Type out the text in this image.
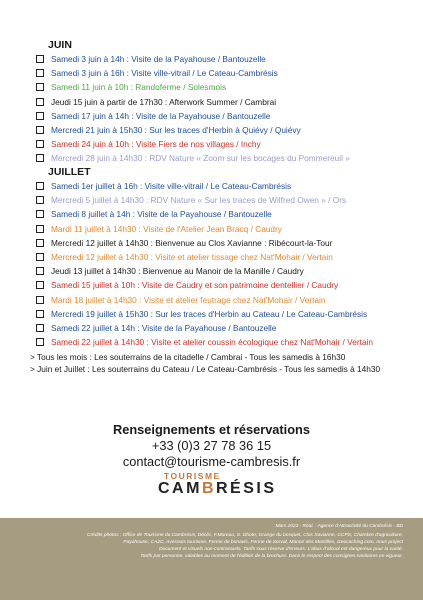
JUIN
Samedi 3 juin à 14h : Visite de la Payahouse / Bantouzelle
Samedi 3 juin à 16h : Visite ville-vitrail / Le Cateau-Cambrésis
Samedi 11 juin à 10h : Randoferme / Solesmois
Jeudi 15 juin à partir de 17h30 : Afterwork Summer / Cambrai
Samedi 17 juin à 14h : Visite de la Payahouse / Bantouzelle
Mercredi 21 juin à 15h30 : Sur les traces d'Herbin à Quiévy / Quiévy
Samedi 24 juin à 10h : Visite Fiers de nos villages / Inchy
Mercredi 28 juin à 14h30 : RDV Nature « Zoom sur les bocages du Pommereuil »
JUILLET
Samedi 1er juillet à 16h : Visite ville-vitrail / Le Cateau-Cambrésis
Mercredi 5 juillet à 14h30 : RDV Nature « Sur les traces de Wilfred Owen » / Ors
Samedi 8 juillet à 14h : Visite de la Payahouse / Bantouzelle
Mardi 11 juillet à 14h30 : Visite de l'Atelier Jean Bracq / Caudry
Mercredi 12 juillet à 14h30 : Bienvenue au Clos Xavianne : Ribécourt-la-Tour
Mercredi 12 juillet à 14h30 : Visite et atelier tissage chez Nat'Mohair / Vertain
Jeudi 13 juillet à 14h30 : Bienvenue au Manoir de la Manille / Caudry
Samedi 15 juillet à 10h : Visite de Caudry et son patrimoine dentellier / Caudry
Mardi 18 juillet à 14h30 : Visite et atelier feutrage chez Nat'Mohair / Vertain
Mercredi 19 juillet à 15h30 : Sur les traces d'Herbin au Cateau / Le Cateau-Cambrésis
Samedi 22 juillet à 14h : Visite de la Payahouse / Bantouzelle
Samedi 22 juillet à 14h30 : Visite et atelier coussin écologique chez Nat'Mohair / Vertain
> Tous les mois : Les souterrains de la citadelle / Cambrai - Tous les samedis à 16h30
> Juin et Juillet : Les souterrains du Cateau / Le Cateau-Cambrésis - Tous les samedis à 14h30
Renseignements et réservations
+33 (0)3 27 78 36 15
contact@tourisme-cambresis.fr
TOURISME
CAMBRÉSIS
Mars 2023 - Réal. : Agence d'Attractivité du Cambrésis - BD
Crédits photos : Office de Tourisme du Cambrésis, Déclic, F.Moreau, S. Dhote, Grange du bosquet, Clos Xavianne, CCPS, Chambre d'agriculture,
Payahouse, CA2C, Avesnois tourisme, Ferme de bonavis, Ferme de Sorval, Manoir des Mantilles, Geocaching.com, nous project
Document et visuels non-contractuels. Tarifs sous réserve d'erreurs. L'abus d'alcool est dangereux pour la santé.
Tarifs par personne, valables au moment de l'édition de la brochure. Dans le respect des consignes sanitaires en vigueur.
